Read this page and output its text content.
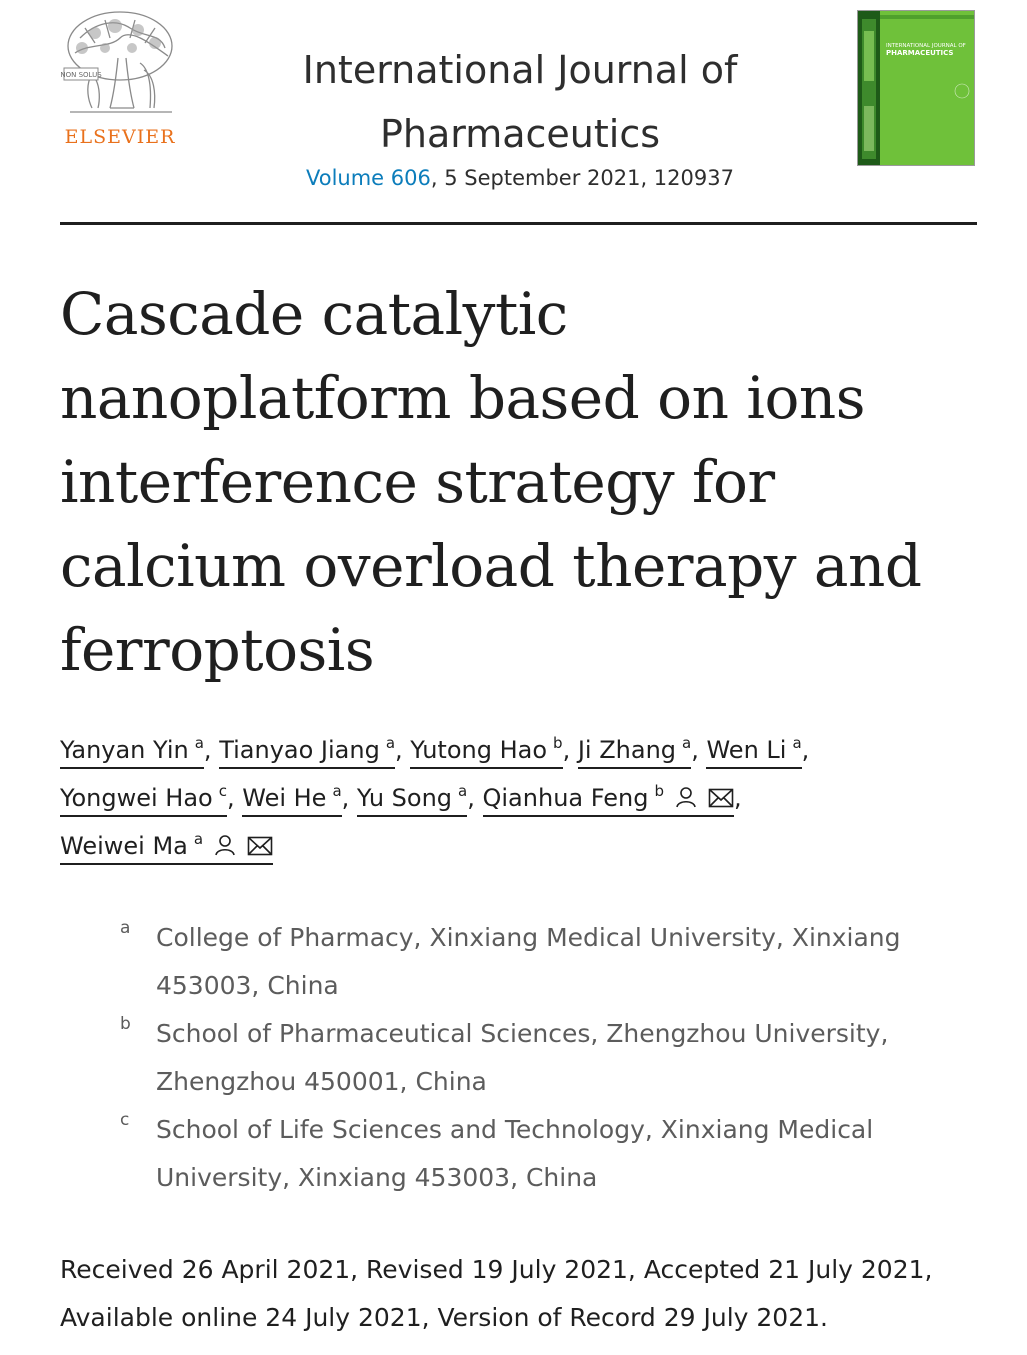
NON SOLUS
ELSEVIER
International Journal of
Pharmaceutics
Volume 606, 5 September 2021, 120937
INTERNATIONAL JOURNAL OF
PHARMACEUTICS
Cascade catalytic nanoplatform based on ions interference strategy for calcium overload therapy and ferroptosis
Yanyan Yin $^a$, Tianyao Jiang $^a$, Yutong Hao $^b$, Ji Zhang $^a$, Wen Li $^a$,
Yongwei Hao $^c$, Wei He $^a$, Yu Song $^a$, Qianhua Feng $^b$	,
Weiwei Ma $^a$
a College of Pharmacy, Xinxiang Medical University, Xinxiang 453003, China
b School of Pharmaceutical Sciences, Zhengzhou University, Zhengzhou 450001, China
c School of Life Sciences and Technology, Xinxiang Medical University, Xinxiang 453003, China
Received 26 April 2021, Revised 19 July 2021, Accepted 21 July 2021, Available online 24 July 2021, Version of Record 29 July 2021.
